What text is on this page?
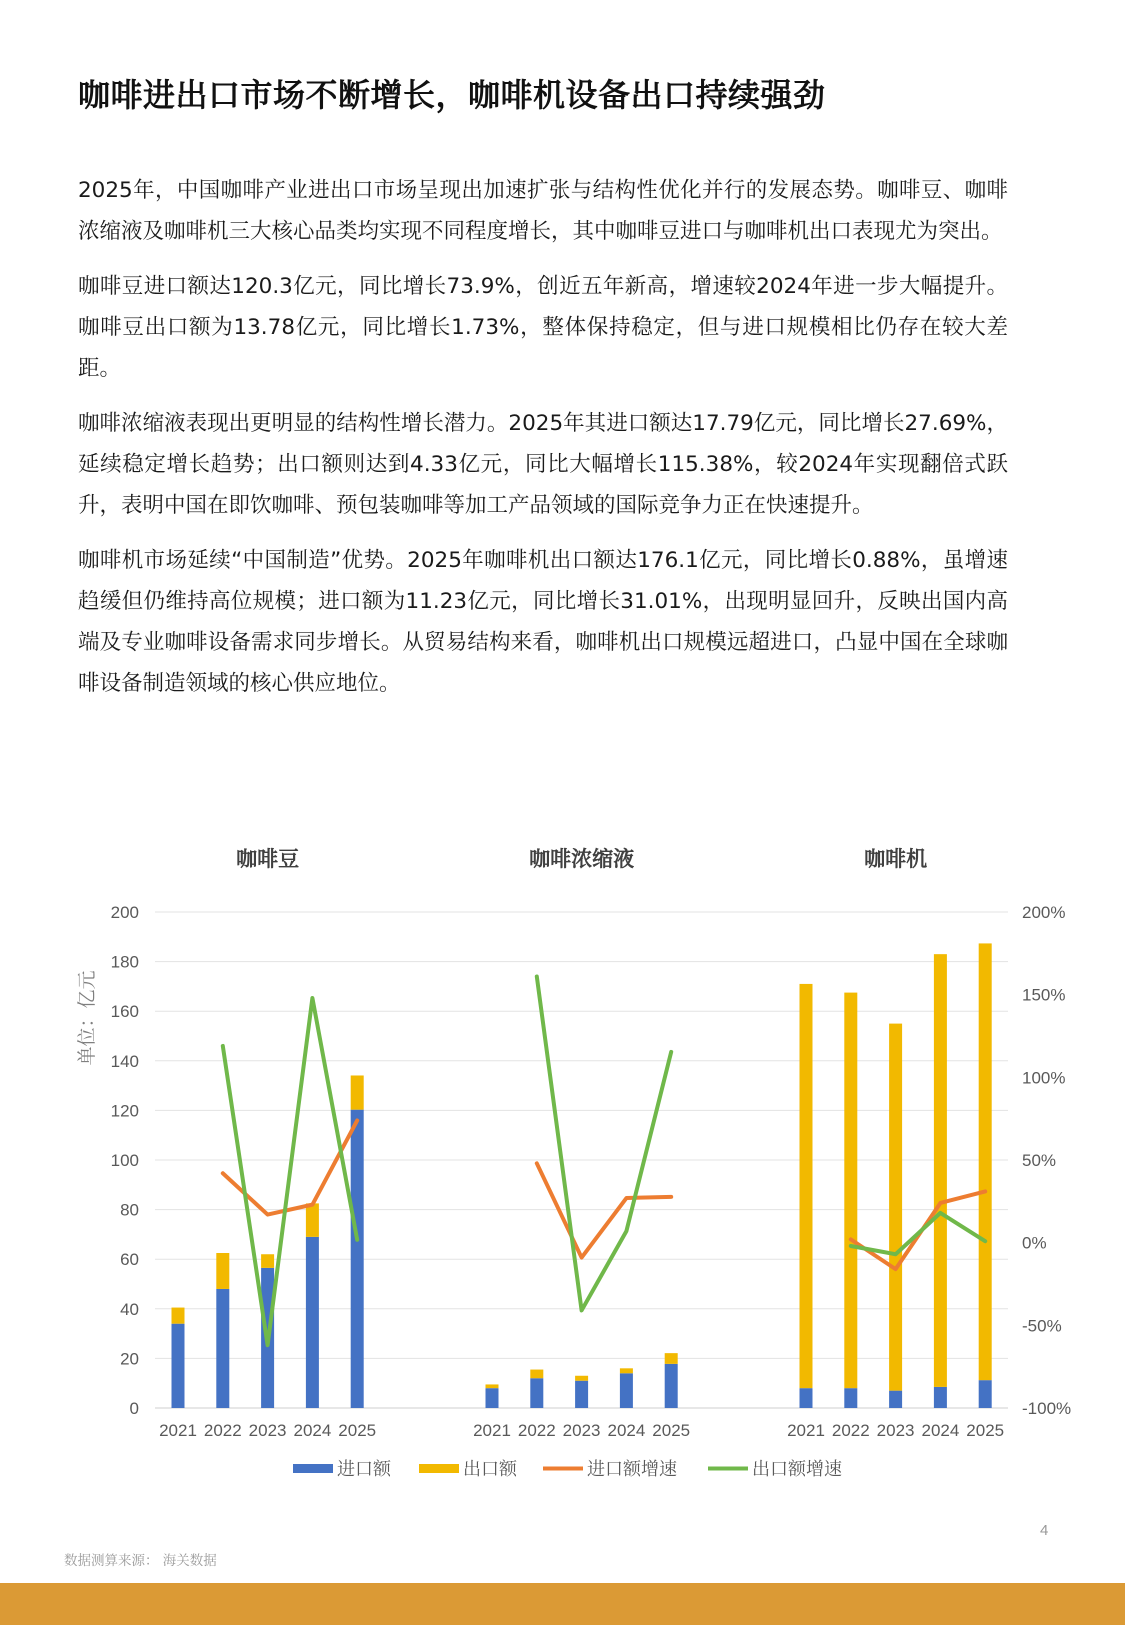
咖啡进出口市场不断增长，咖啡机设备出口持续强劲

2025年，中国咖啡产业进出口市场呈现出加速扩张与结构性优化并行的发展态势。咖啡豆、咖啡浓缩液及咖啡机三大核心品类均实现不同程度增长，其中咖啡豆进口与咖啡机出口表现尤为突出。

咖啡豆进口额达120.3亿元，同比增长73.9%，创近五年新高，增速较2024年进一步大幅提升。咖啡豆出口额为13.78亿元，同比增长1.73%，整体保持稳定，但与进口规模相比仍存在较大差距。

咖啡浓缩液表现出更明显的结构性增长潜力。2025年其进口额达17.79亿元，同比增长27.69%，延续稳定增长趋势；出口额则达到4.33亿元，同比大幅增长115.38%，较2024年实现翻倍式跃升，表明中国在即饮咖啡、预包装咖啡等加工产品领域的国际竞争力正在快速提升。

咖啡机市场延续“中国制造”优势。2025年咖啡机出口额达176.1亿元，同比增长0.88%，虽增速趋缓但仍维持高位规模；进口额为11.23亿元，同比增长31.01%，出现明显回升，反映出国内高端及专业咖啡设备需求同步增长。从贸易结构来看，咖啡机出口规模远超进口，凸显中国在全球咖啡设备制造领域的核心供应地位。

0
20
40
60
80
100
120
140
160
180
200
-100%
-50%
0%
50%
100%
150%
200%
单位：亿元
咖啡豆
2021 2022 2023 2024 2025
咖啡浓缩液
2021 2022 2023 2024 2025
咖啡机
2021 2022 2023 2024 2025
进口额	出口额	进口额增速	出口额增速
4
数据测算来源： 海关数据
